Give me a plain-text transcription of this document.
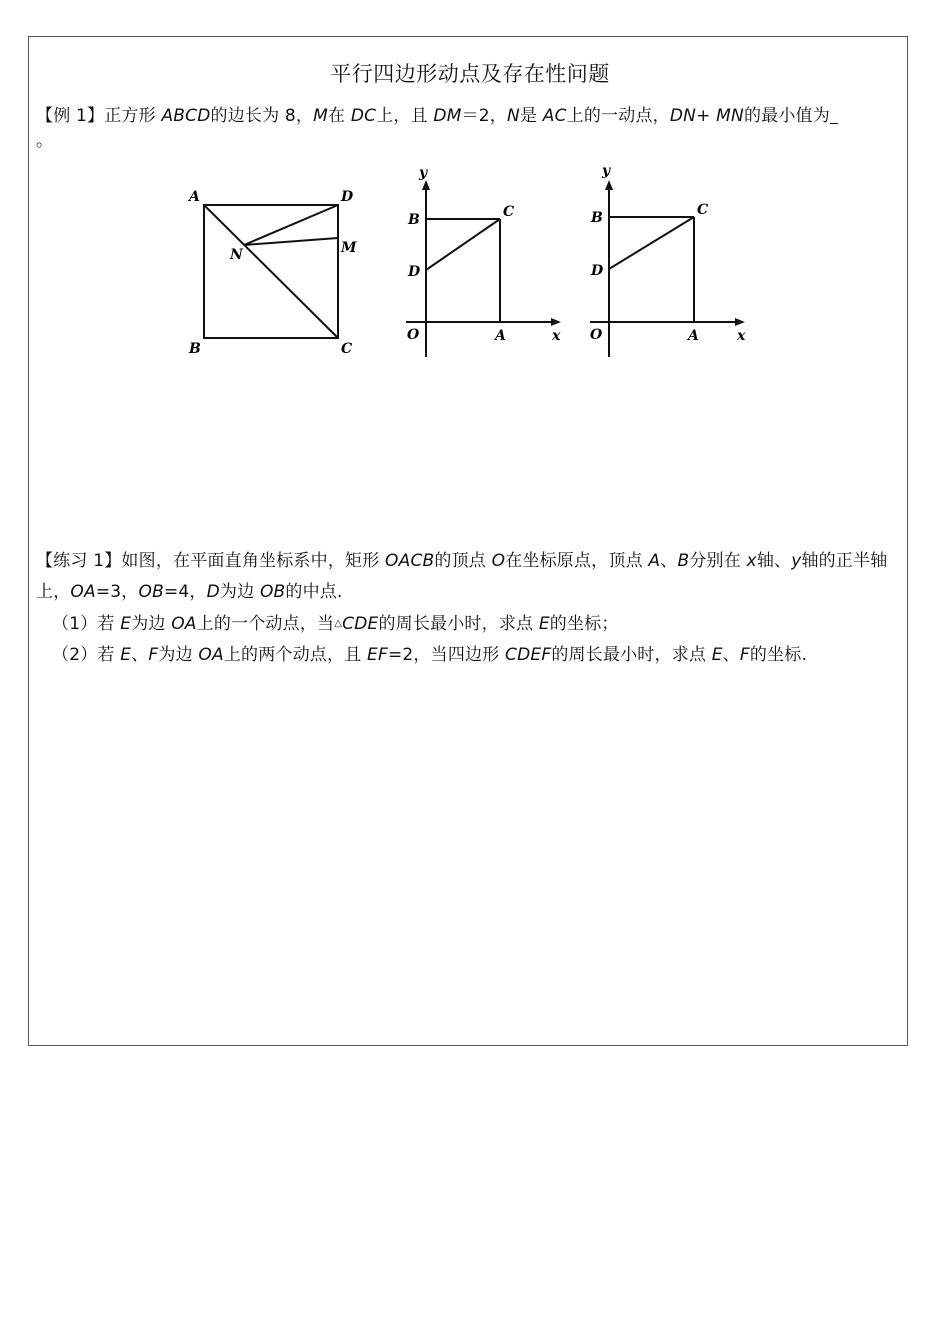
平行四边形动点及存在性问题
【例 1】正方形 ABCD的边长为 8，M在 DC上，且 DM＝2，N是 AC上的一动点，DN+ MN的最小值为
。
A	D
M
N
B	C
y
B	C
D
O	A	x
y
B	C
D
O	A	x
【练习 1】如图，在平面直角坐标系中，矩形 OACB的顶点 O在坐标原点，顶点 A、B分别在 x轴、y轴的正半轴上，OA=3，OB=4，D为边 OB的中点.
（1）若 E为边 OA上的一个动点，当△CDE的周长最小时，求点 E的坐标；
（2）若 E、F为边 OA上的两个动点，且 EF=2，当四边形 CDEF的周长最小时，求点 E、F的坐标.
